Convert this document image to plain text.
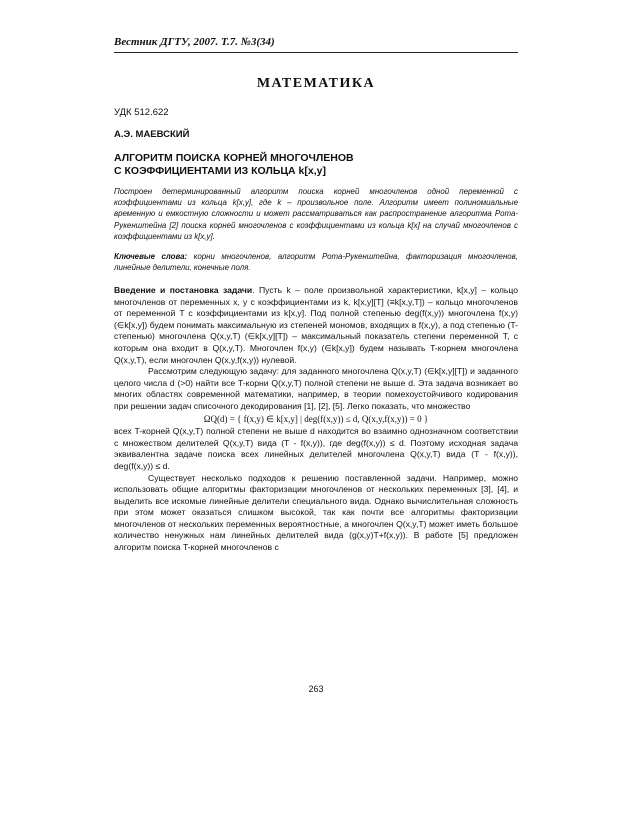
Вестник ДГТУ, 2007. Т.7. №3(34)
МАТЕМАТИКА
УДК 512.622
А.Э. МАЕВСКИЙ
АЛГОРИТМ ПОИСКА КОРНЕЙ МНОГОЧЛЕНОВ
С КОЭФФИЦИЕНТАМИ ИЗ КОЛЬЦА k[x,y]
Построен детерминированный алгоритм поиска корней многочленов одной переменной с коэффициентами из кольца k[x,y], где k – произвольное поле. Алгоритм имеет полиномиальные временную и емкостную сложности и может рассматриваться как распространение алгоритма Рота-Рукенштейна [2] поиска корней многочленов с коэффициентами из кольца k[x] на случай многочленов с коэффициентами из k[x,y].
Ключевые слова: корни многочленов, алгоритм Рота-Рукенштейна, факторизация многочленов, линейные делители, конечные поля.

Введение и постановка задачи. Пусть k – поле произвольной характеристики, k[x,y] – кольцо многочленов от переменных x, y с коэффициентами из k, k[x,y][T] (≡k[x,y,T]) – кольцо многочленов от переменной T с коэффициентами из k[x,y]. Под полной степенью deg(f(x,y)) многочлена f(x,y) (∈k[x,y]) будем понимать максимальную из степеней мономов, входящих в f(x,y), а под степенью (T-степенью) многочлена Q(x,y,T) (∈k[x,y][T]) – максимальный показатель степени переменной T, с которым она входит в Q(x,y,T). Многочлен f(x,y) (∈k[x,y]) будем называть T-корнем многочлена Q(x,y,T), если многочлен Q(x,y,f(x,y)) нулевой.

Рассмотрим следующую задачу: для заданного многочлена Q(x,y,T) (∈k[x,y][T]) и заданного целого числа d (>0) найти все T-корни Q(x,y,T) полной степени не выше d. Эта задача возникает во многих областях современной математики, например, в теории помехоустойчивого кодирования при решении задач списочного декодирования [1], [2], [5]. Легко показать, что множество

ΩQ(d) = { f(x,y) ∈ k[x,y] | deg(f(x,y)) ≤ d, Q(x,y,f(x,y)) = 0 }

всех T-корней Q(x,y,T) полной степени не выше d находится во взаимно однозначном соответствии с множеством делителей Q(x,y,T) вида (T - f(x,y)), где deg(f(x,y)) ≤ d. Поэтому исходная задача эквивалентна задаче поиска всех линейных делителей многочлена Q(x,y,T) вида (T - f(x,y)), deg(f(x,y)) ≤ d.

Существует несколько подходов к решению поставленной задачи. Например, можно использовать общие алгоритмы факторизации многочленов от нескольких переменных [3], [4], и выделить все искомые линейные делители специального вида. Однако вычислительная сложность при этом может оказаться слишком высокой, так как почти все алгоритмы факторизации многочленов от нескольких переменных вероятностные, а многочлен Q(x,y,T) может иметь большое количество ненужных нам линейных делителей вида (g(x,y)T+f(x,y)). В работе [5] предложен алгоритм поиска T-корней многочленов с

263
